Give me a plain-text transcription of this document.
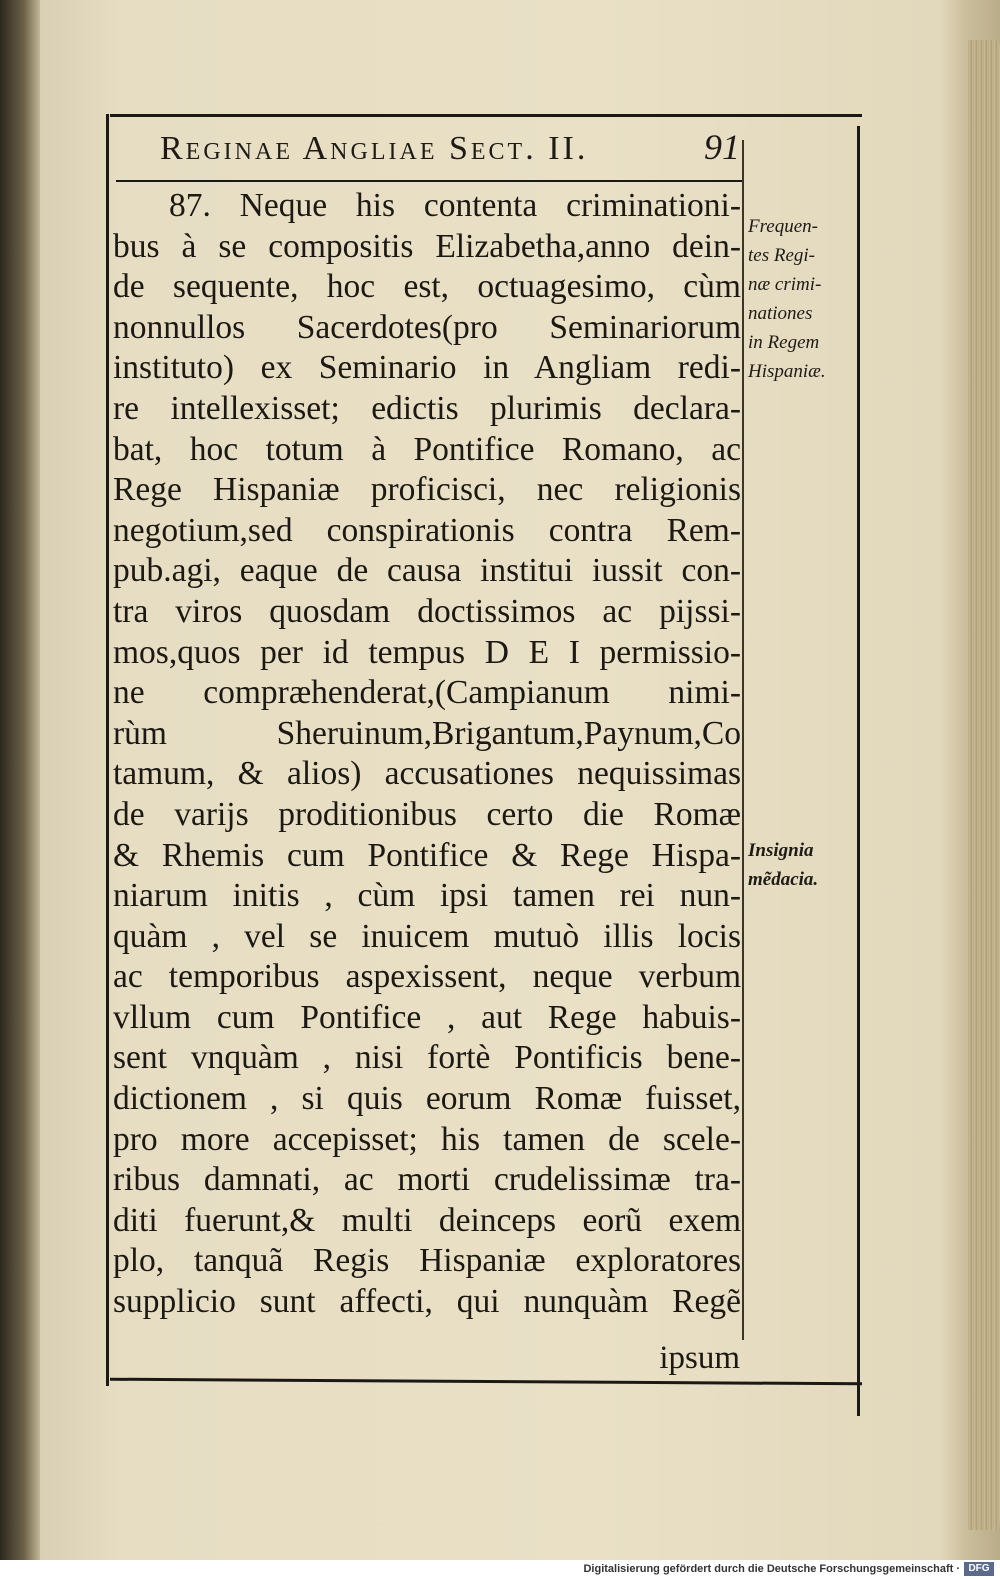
Reginae Angliae Sect. II.	91
87. Neque his contenta criminationi-
bus à se compositis Elizabetha,anno dein-
de sequente, hoc est, octuagesimo, cùm
nonnullos Sacerdotes(pro Seminariorum
instituto) ex Seminario in Angliam redi-
re intellexisset; edictis plurimis declara-
bat, hoc totum à Pontifice Romano, ac
Rege Hispaniæ proficisci, nec religionis
negotium,sed conspirationis contra Rem-
pub.agi, eaque de causa institui iussit con-
tra viros quosdam doctissimos ac pijssi-
mos,quos per id tempus D E I permissio-
ne compræhenderat,(Campianum nimi-
rùm Sheruinum,Brigantum,Paynum,Co
tamum, & alios) accusationes nequissimas
de varijs proditionibus certo die Romæ
& Rhemis cum Pontifice & Rege Hispa-
niarum initis , cùm ipsi tamen rei nun-
quàm , vel se inuicem mutuò illis locis
ac temporibus aspexissent, neque verbum
vllum cum Pontifice , aut Rege habuis-
sent vnquàm , nisi fortè Pontificis bene-
dictionem , si quis eorum Romæ fuisset,
pro more accepisset; his tamen de scele-
ribus damnati, ac morti crudelissimæ tra-
diti fuerunt,& multi deinceps eorũ exem
plo, tanquã Regis Hispaniæ exploratores
supplicio sunt affecti, qui nunquàm Regẽ
ipsum
Frequen-
tes Regi-
næ crimi-
nationes
in Regem
Hispaniæ.
Insignia
mẽdacia.
Digitalisierung gefördert durch die Deutsche Forschungsgemeinschaft · DFG
